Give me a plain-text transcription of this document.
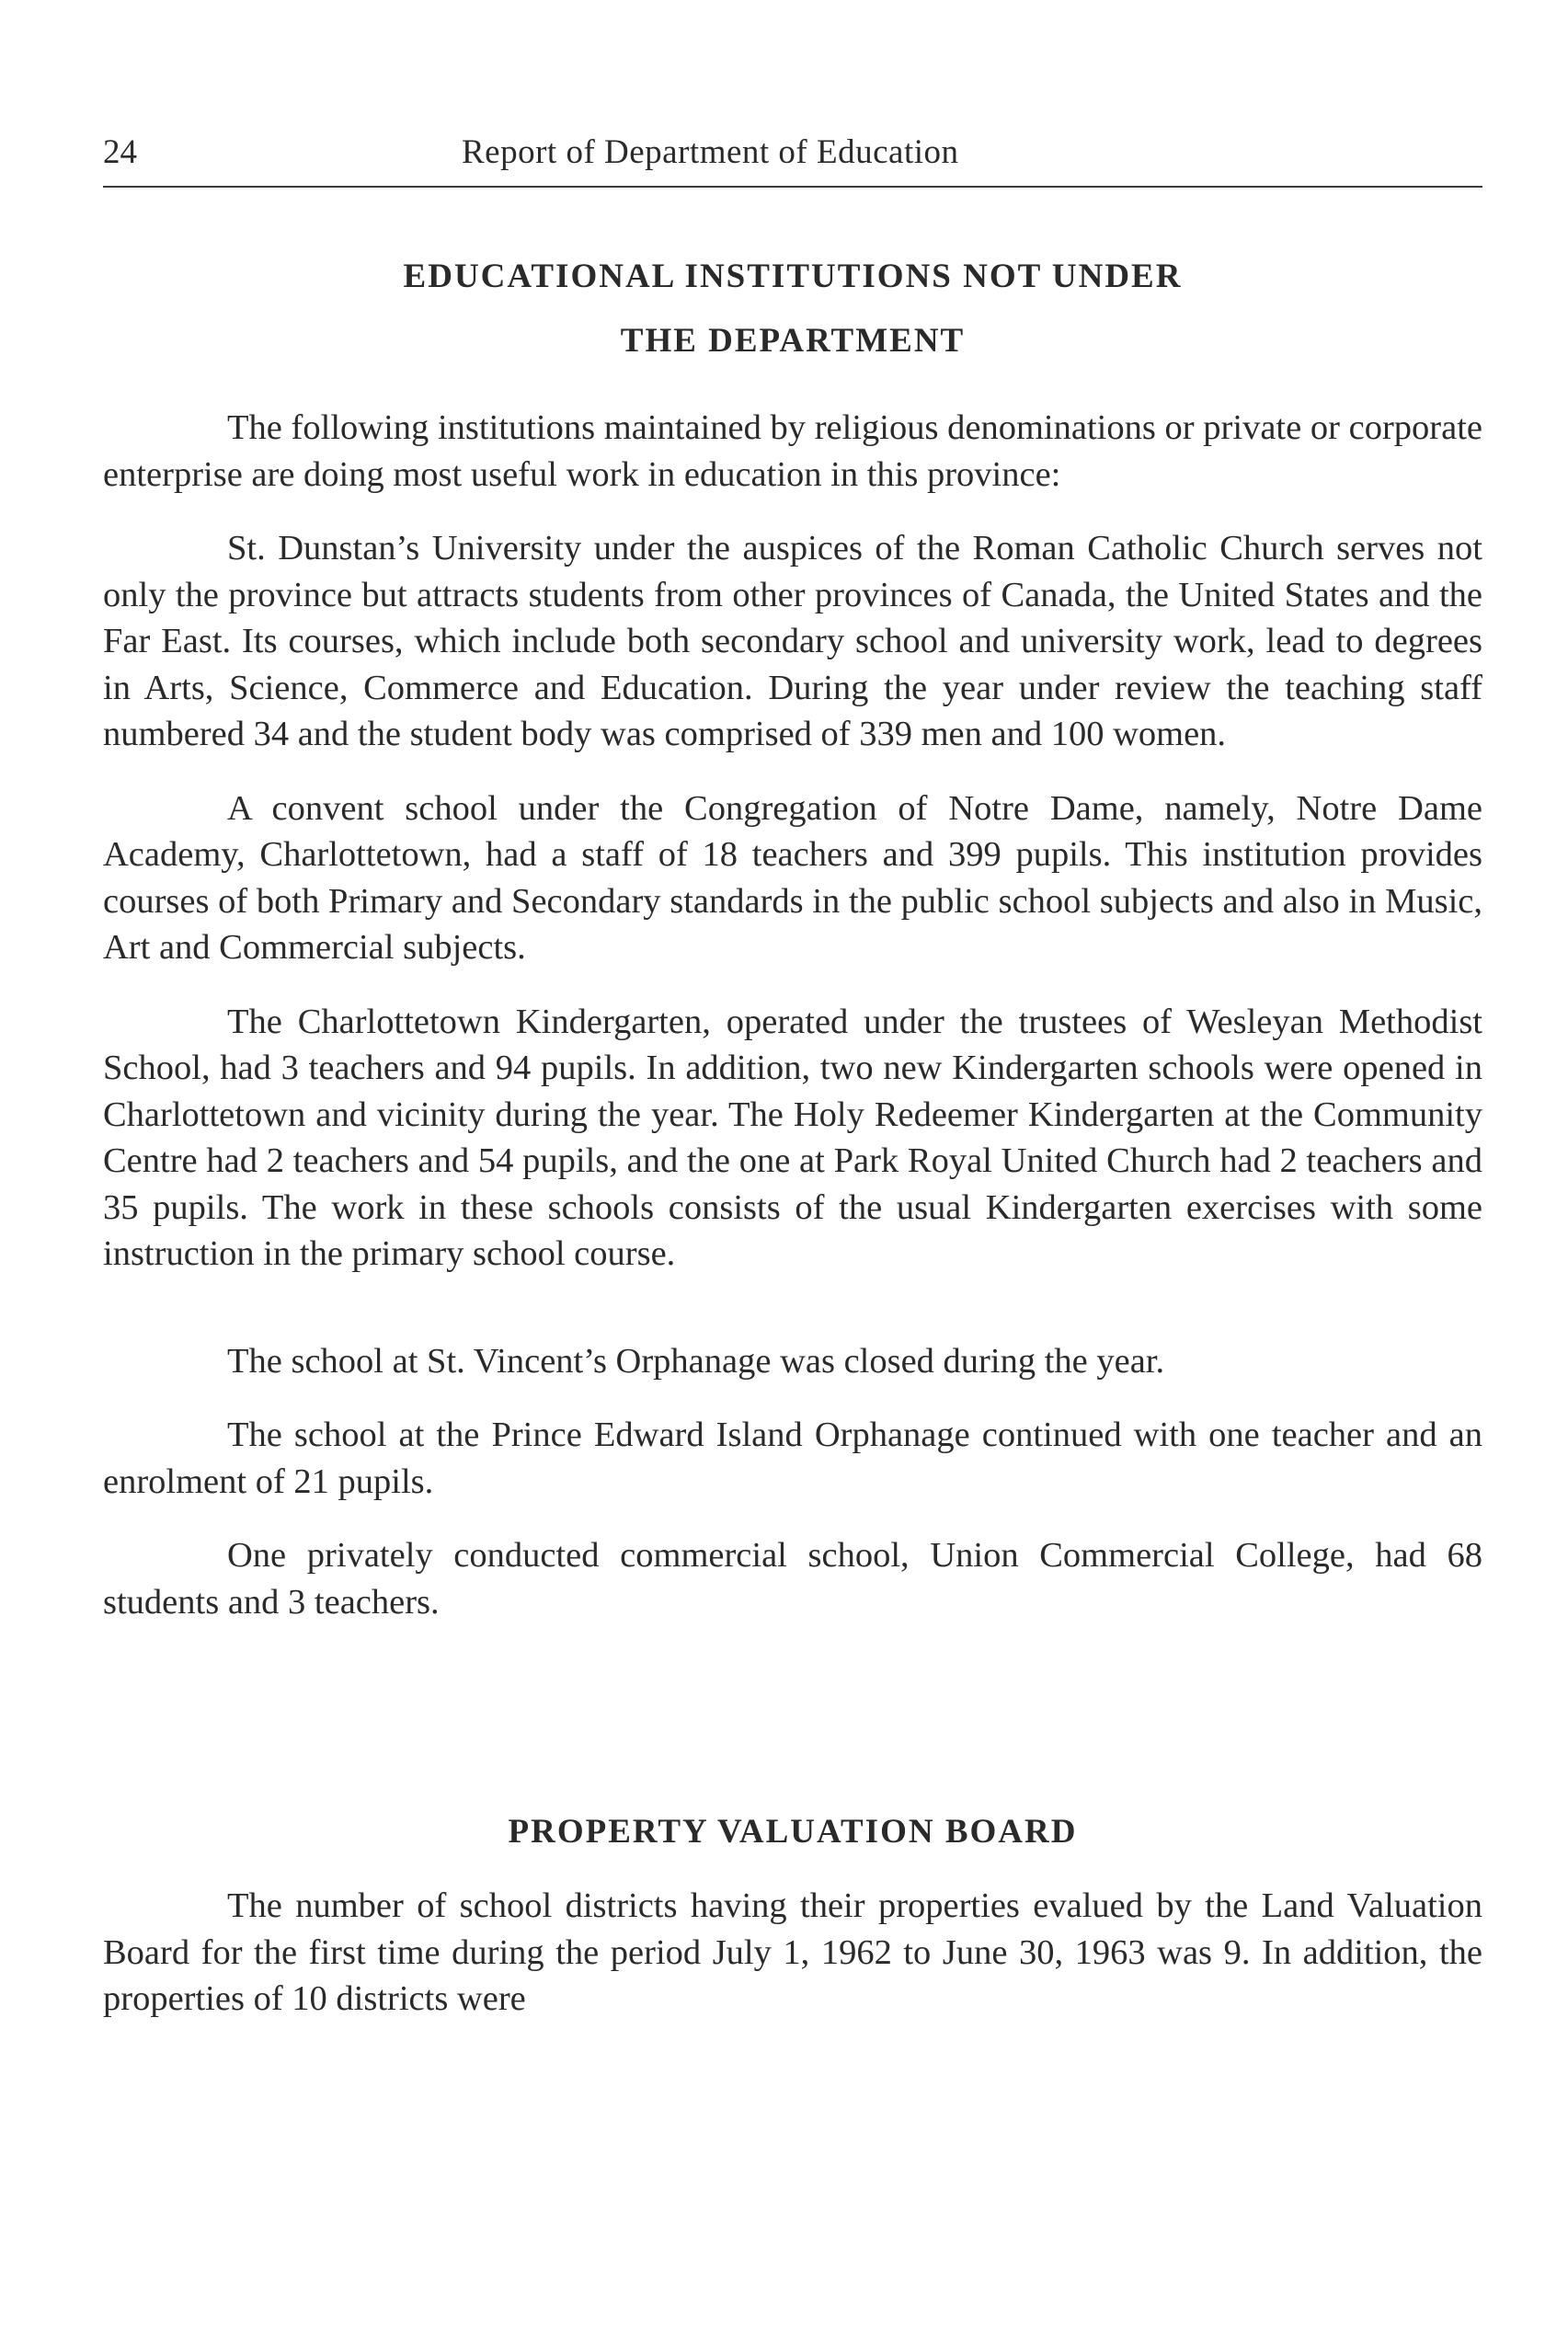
24	Report of Department of Education
EDUCATIONAL INSTITUTIONS NOT UNDER
THE DEPARTMENT

The following institutions maintained by religious denominations or private or corporate enterprise are doing most useful work in education in this province:

St. Dunstan’s University under the auspices of the Roman Catholic Church serves not only the province but attracts students from other provinces of Canada, the United States and the Far East. Its courses, which include both secondary school and university work, lead to degrees in Arts, Science, Commerce and Education. During the year under review the teaching staff numbered 34 and the student body was comprised of 339 men and 100 women.

A convent school under the Congregation of Notre Dame, namely, Notre Dame Academy, Charlottetown, had a staff of 18 teachers and 399 pupils. This institution provides courses of both Primary and Secondary standards in the public school subjects and also in Music, Art and Commercial subjects.

The Charlottetown Kindergarten, operated under the trustees of Wesleyan Methodist School, had 3 teachers and 94 pupils. In addition, two new Kindergarten schools were opened in Charlottetown and vicinity during the year. The Holy Redeemer Kindergarten at the Community Centre had 2 teachers and 54 pupils, and the one at Park Royal United Church had 2 teachers and 35 pupils. The work in these schools consists of the usual Kindergarten exercises with some instruction in the primary school course.

The school at St. Vincent’s Orphanage was closed during the year.

The school at the Prince Edward Island Orphanage continued with one teacher and an enrolment of 21 pupils.

One privately conducted commercial school, Union Commercial College, had 68 students and 3 teachers.

PROPERTY VALUATION BOARD

The number of school districts having their properties evalued by the Land Valuation Board for the first time during the period July 1, 1962 to June 30, 1963 was 9. In addition, the properties of 10 districts were
